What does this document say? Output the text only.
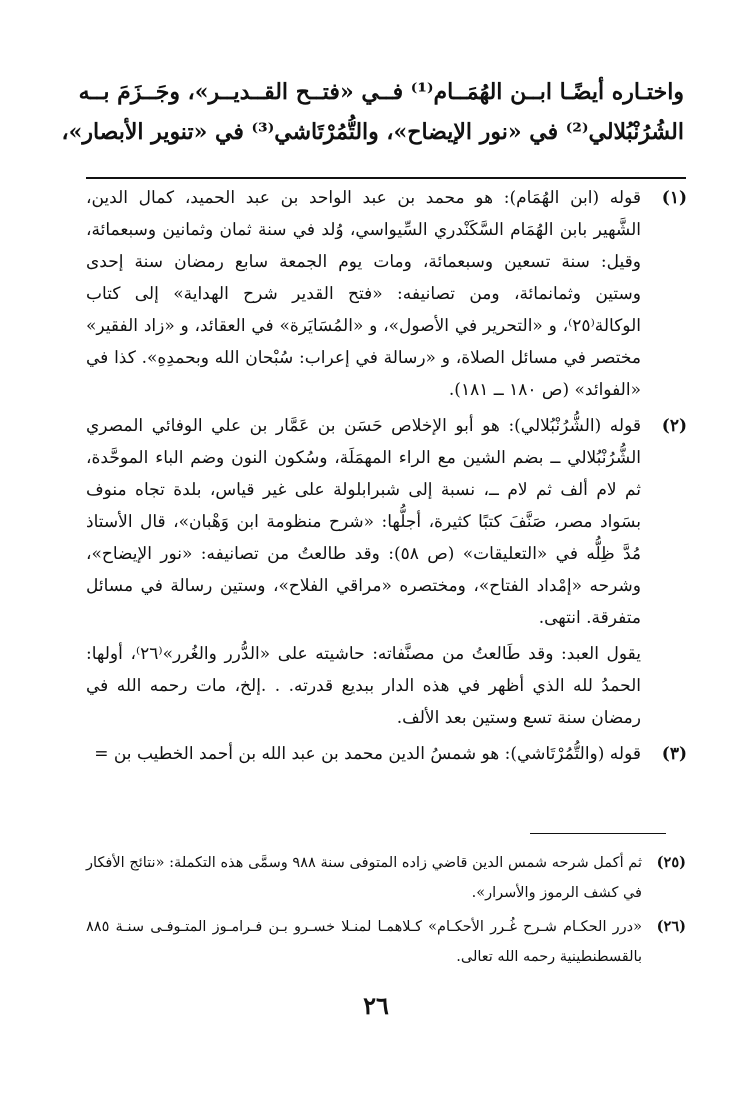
واختـاره أيضًـا ابــن الهُمَــام⁽¹⁾ فــي «فتــح القــديــر»، وجَــزَمَ بــه
الشُرُنْبُلالي⁽²⁾ في «نور الإيضاح»، والتُّمُرْتَاشي⁽³⁾ في «تنوير الأبصار»،
(١)
قوله (ابن الهُمَام): هو محمد بن عبد الواحد بن عبد الحميد، كمال الدين،
الشَّهير بابن الهُمَام السَّكَنْدري السِّيواسي، وُلد في سنة ثمان وثمانين وسبعمائة،
وقيل: سنة تسعين وسبعمائة، ومات يوم الجمعة سابع رمضان سنة إحدى
وستين وثمانمائة، ومن تصانيفه: «فتح القدير شرح الهداية» إلى كتاب
الوكالة⁽٢٥⁾، و «التحرير في الأصول»، و «المُسَايَرة» في العقائد، و «زاد الفقير»
مختصر في مسائل الصلاة، و «رسالة في إعراب: سُبْحان الله وبحمدِهِ». كذا في
«الفوائد» (ص ١٨٠ ــ ١٨١).
(٢)
قوله (الشُّرُنْبُلالي): هو أبو الإخلاص حَسَن بن عَمَّار بن علي الوفائي المصري
الشُّرُنْبُلالي ــ بضم الشين مع الراء المهمَلَة، وسُكون النون وضم الباء الموحَّدة،
ثم لام ألف ثم لام ــ، نسبة إلى شبرابلولة على غير قياس، بلدة تجاه منوف
بسَواد مصر، صَنَّفَ كتبًا كثيرة، أجلُّها: «شرح منظومة ابن وَهْبان»، قال الأستاذ
مُدَّ ظِلُّه في «التعليقات» (ص ٥٨): وقد طالعتُ من تصانيفه: «نور الإيضاح»،
وشرحه «إمْداد الفتاح»، ومختصره «مراقي الفلاح»، وستين رسالة في مسائل
متفرقة. انتهى.
يقول العبد: وقد طَالعتُ من مصنَّفاته: حاشيته على «الدُّرر والغُرر»⁽٢٦⁾، أولها:
الحمدُ لله الذي أظهر في هذه الدار ببديع قدرته. . .إلخ، مات رحمه الله في
رمضان سنة تسع وستين بعد الألف.
(٣)
قوله (والتُّمُرْتَاشي): هو شمسُ الدين محمد بن عبد الله بن أحمد الخطيب بن =
(٢٥)
ثم أكمل شرحه شمس الدين قاضي زاده المتوفى سنة ٩٨٨ وسمَّى هذه التكملة: «نتائج الأفكار
في كشف الرموز والأسرار».
(٢٦)
«درر الحكـام شـرح غُـرر الأحكـام» كـلاهمـا لمنـلا خسـرو بـن فـرامـوز المتـوفـى سنـة ٨٨٥
بالقسطنطينية رحمه الله تعالى.
٢٦
